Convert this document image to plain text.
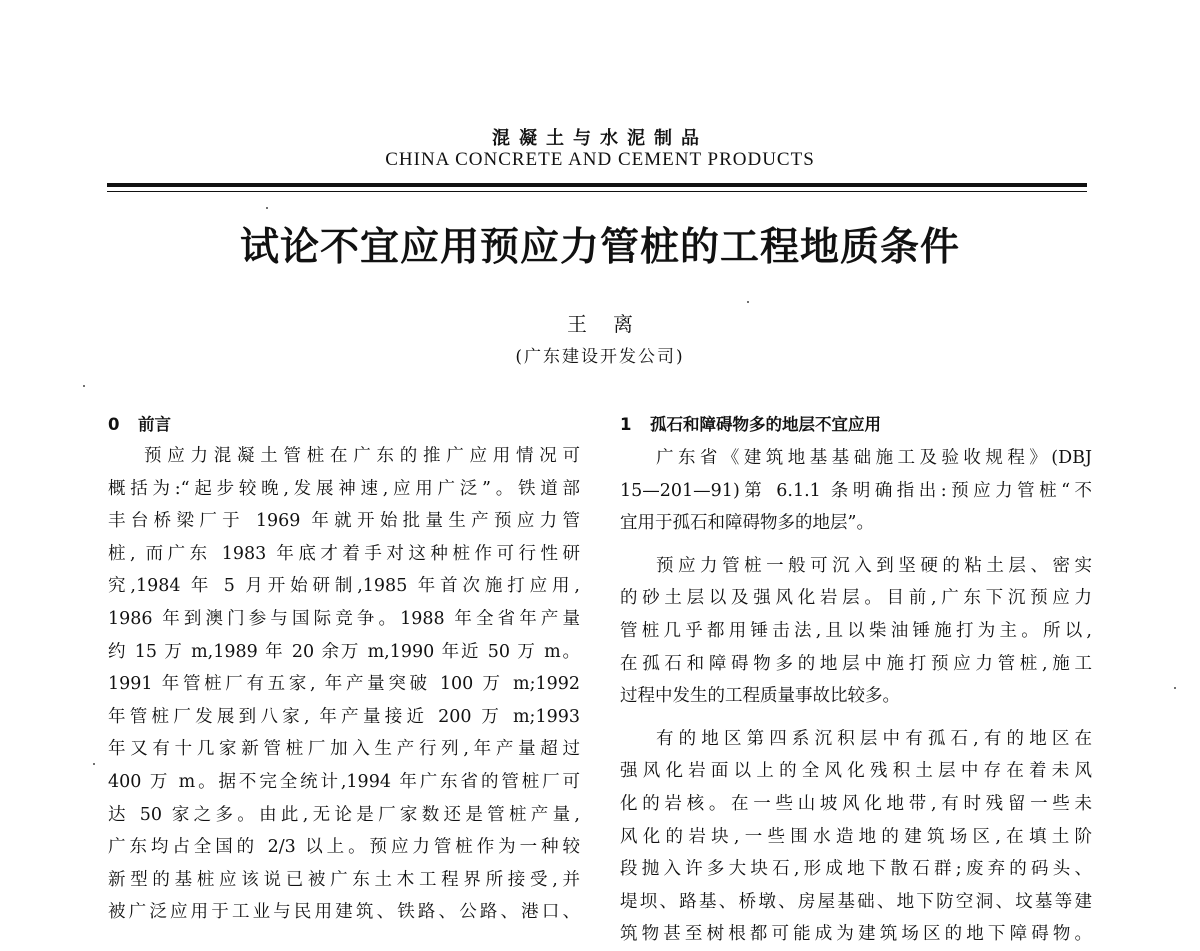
混凝土与水泥制品
CHINA CONCRETE AND CEMENT PRODUCTS
试论不宜应用预应力管桩的工程地质条件
王离
(广东建设开发公司)
0 前言
预应力混凝土管桩在广东的推广应用情况可
概括为:“起步较晚,发展神速,应用广泛”。铁道部
丰台桥梁厂于 1969 年就开始批量生产预应力管
桩, 而广东 1983 年底才着手对这种桩作可行性研
究,1984 年 5 月开始研制,1985 年首次施打应用,
1986 年到澳门参与国际竞争。1988 年全省年产量
约 15 万 m,1989 年 20 余万 m,1990 年近 50 万 m。
1991 年管桩厂有五家, 年产量突破 100 万 m;1992
年管桩厂发展到八家, 年产量接近 200 万 m;1993
年又有十几家新管桩厂加入生产行列,年产量超过
400 万 m。据不完全统计,1994 年广东省的管桩厂可
达 50 家之多。由此,无论是厂家数还是管桩产量,
广东均占全国的 2/3 以上。预应力管桩作为一种较
新型的基桩应该说已被广东土木工程界所接受,并
被广泛应用于工业与民用建筑、铁路、公路、港口、
1 孤石和障碍物多的地层不宜应用
广东省《建筑地基基础施工及验收规程》(DBJ
15—201—91)第 6.1.1 条明确指出:预应力管桩“不
宜用于孤石和障碍物多的地层”。
预应力管桩一般可沉入到坚硬的粘土层、密实
的砂土层以及强风化岩层。目前,广东下沉预应力
管桩几乎都用锤击法,且以柴油锤施打为主。所以,
在孤石和障碍物多的地层中施打预应力管桩,施工
过程中发生的工程质量事故比较多。
有的地区第四系沉积层中有孤石,有的地区在
强风化岩面以上的全风化残积土层中存在着未风
化的岩核。在一些山坡风化地带,有时残留一些未
风化的岩块,一些围水造地的建筑场区,在填土阶
段抛入许多大块石,形成地下散石群;废弃的码头、
堤坝、路基、桥墩、房屋基础、地下防空洞、坟墓等建
筑物甚至树根都可能成为建筑场区的地下障碍物。
